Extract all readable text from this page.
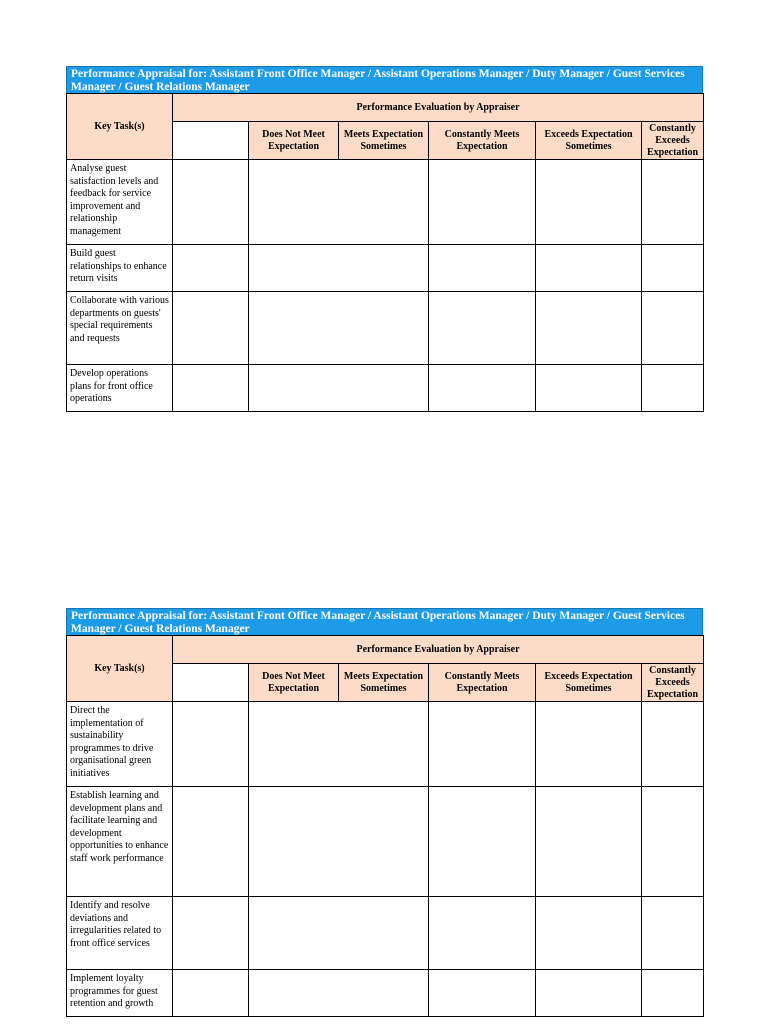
Performance Appraisal for: Assistant Front Office Manager / Assistant Operations Manager / Duty Manager / Guest Services Manager / Guest Relations Manager
Key Task(s)	Performance Evaluation by Appraiser					
		Does Not Meet Expectation	Meets Expectation Sometimes	Constantly Meets Expectation	Exceeds Expectation Sometimes	Constantly Exceeds Expectation
Analyse guest satisfaction levels and feedback for service improvement and relationship management						
Build guest relationships to enhance return visits						
Collaborate with various departments on guests' special requirements and requests						
Develop operations plans for front office operations						
Performance Appraisal for: Assistant Front Office Manager / Assistant Operations Manager / Duty Manager / Guest Services Manager / Guest Relations Manager
Key Task(s)	Performance Evaluation by Appraiser					
		Does Not Meet Expectation	Meets Expectation Sometimes	Constantly Meets Expectation	Exceeds Expectation Sometimes	Constantly Exceeds Expectation
Direct the implementation of sustainability programmes to drive organisational green initiatives						
Establish learning and development plans and facilitate learning and development opportunities to enhance staff work performance						
Identify and resolve deviations and irregularities related to front office services						
Implement loyalty programmes for guest retention and growth						
